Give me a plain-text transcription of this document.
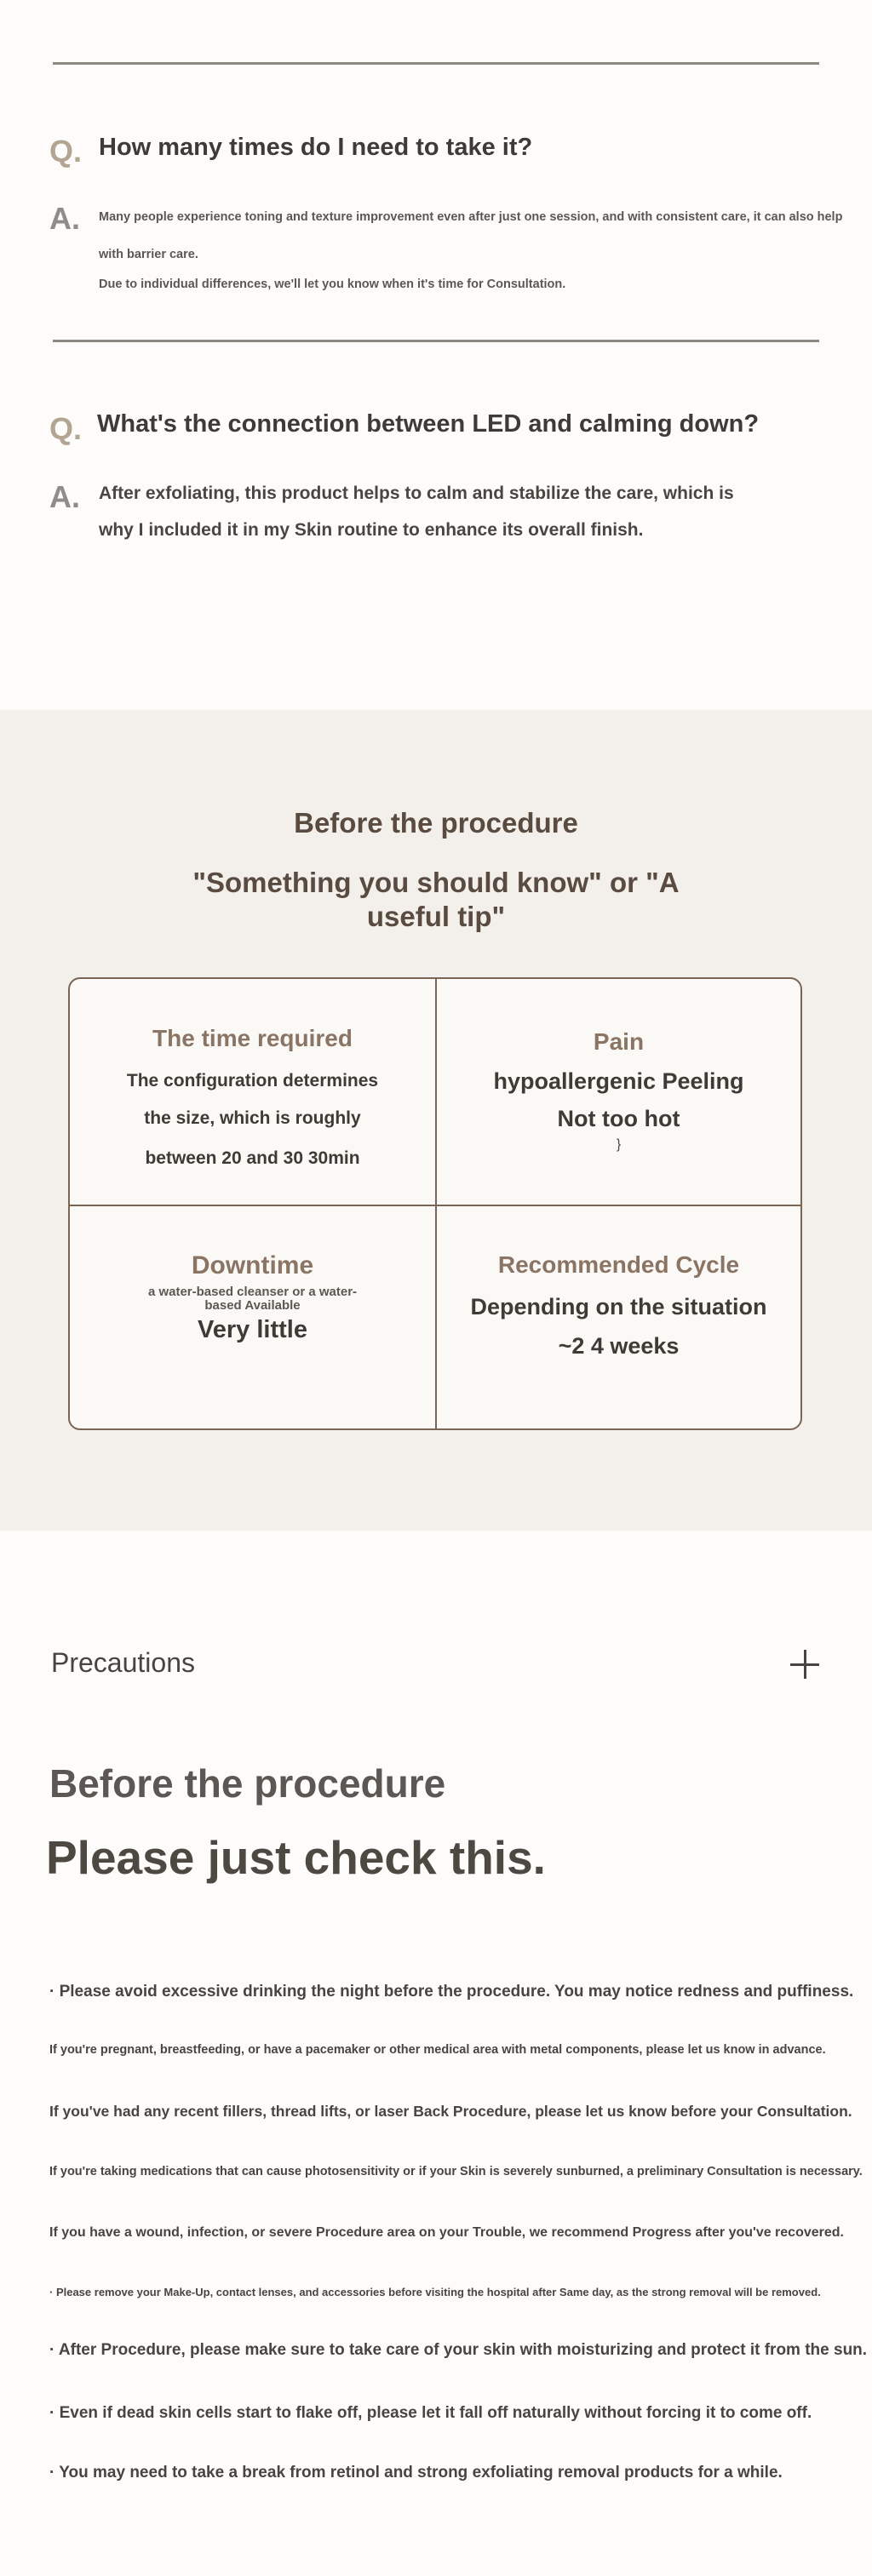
Q. How many times do I need to take it?
A. Many people experience toning and texture improvement even after just one session, and with consistent care, it can also help with barrier care.

Due to individual differences, we'll let you know when it's time for Consultation.

Q. What's the connection between LED and calming down?
A. After exfoliating, this product helps to calm and stabilize the care, which is why I included it in my Skin routine to enhance its overall finish.
Before the procedure
"Something you should know" or "A
useful tip"
The time required
The configuration determines
the size, which is roughly
between 20 and 30 30min
Pain
hypoallergenic Peeling
Not too hot
}
Downtime
a water-based cleanser or a water-
based Available
Very little
Recommended Cycle
Depending on the situation
~2 4 weeks
Precautions
Before the procedure
Please just check this.
· Please avoid excessive drinking the night before the procedure. You may notice redness and puffiness.
If you're pregnant, breastfeeding, or have a pacemaker or other medical area with metal components, please let us know in advance.
If you've had any recent fillers, thread lifts, or laser Back Procedure, please let us know before your Consultation.
If you're taking medications that can cause photosensitivity or if your Skin is severely sunburned, a preliminary Consultation is necessary.
If you have a wound, infection, or severe Procedure area on your Trouble, we recommend Progress after you've recovered.
· Please remove your Make-Up, contact lenses, and accessories before visiting the hospital after Same day, as the strong removal will be removed.
· After Procedure, please make sure to take care of your skin with moisturizing and protect it from the sun.
· Even if dead skin cells start to flake off, please let it fall off naturally without forcing it to come off.
· You may need to take a break from retinol and strong exfoliating removal products for a while.
